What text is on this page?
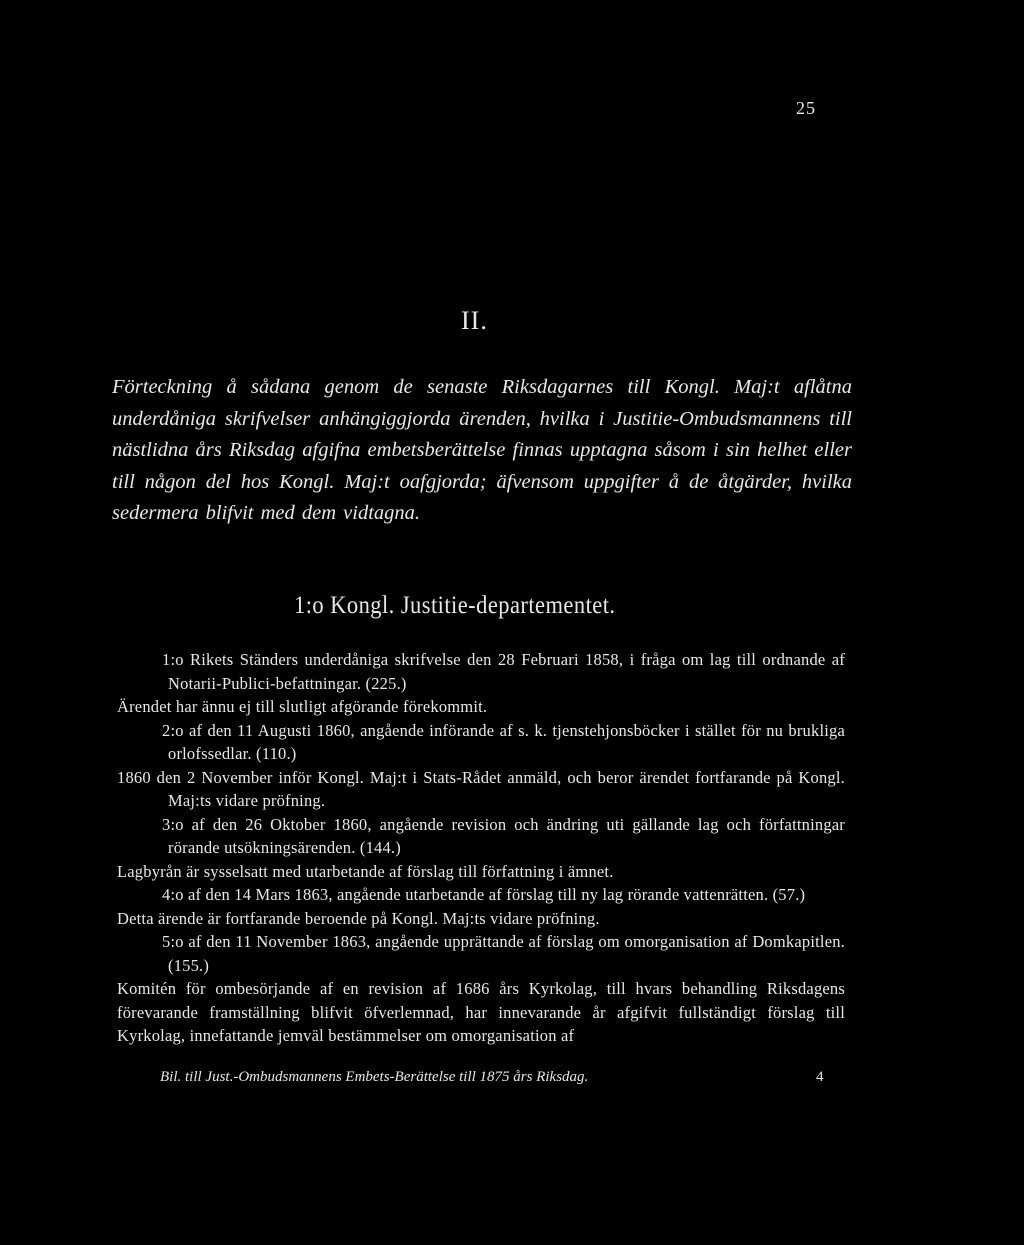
25
II.
Förteckning å sådana genom de senaste Riksdagarnes till Kongl. Maj:t aflåtna underdåniga skrifvelser anhängiggjorda ärenden, hvilka i Justitie-Ombudsmannens till nästlidna års Riksdag afgifna embetsberättelse finnas upptagna såsom i sin helhet eller till någon del hos Kongl. Maj:t oafgjorda; äfvensom uppgifter å de åtgärder, hvilka sedermera blifvit med dem vidtagna.
1:o Kongl. Justitie-departementet.
1:o Rikets Ständers underdåniga skrifvelse den 28 Februari 1858, i fråga om lag till ordnande af Notarii-Publici-befattningar. (225.)
Ärendet har ännu ej till slutligt afgörande förekommit.
2:o af den 11 Augusti 1860, angående införande af s. k. tjenstehjonsböcker i stället för nu brukliga orlofssedlar. (110.)
1860 den 2 November inför Kongl. Maj:t i Stats-Rådet anmäld, och beror ärendet fortfarande på Kongl. Maj:ts vidare pröfning.
3:o af den 26 Oktober 1860, angående revision och ändring uti gällande lag och författningar rörande utsökningsärenden. (144.)
Lagbyrån är sysselsatt med utarbetande af förslag till författning i ämnet.
4:o af den 14 Mars 1863, angående utarbetande af förslag till ny lag rörande vattenrätten. (57.)
Detta ärende är fortfarande beroende på Kongl. Maj:ts vidare pröfning.
5:o af den 11 November 1863, angående upprättande af förslag om omorganisation af Domkapitlen. (155.)
Komitén för ombesörjande af en revision af 1686 års Kyrkolag, till hvars behandling Riksdagens förevarande framställning blifvit öfverlemnad, har innevarande år afgifvit fullständigt förslag till Kyrkolag, innefattande jemväl bestämmelser om omorganisation af
Bil. till Just.-Ombudsmannens Embets-Berättelse till 1875 års Riksdag.	4
